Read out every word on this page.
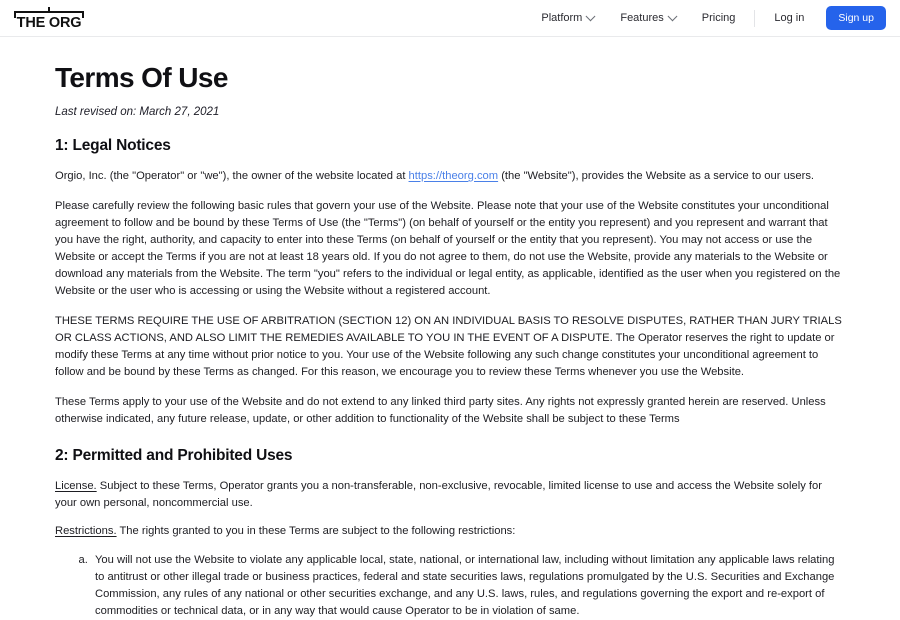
THE ORG	Platform	Features	Pricing	Log in	Sign up
Terms Of Use

Last revised on: March 27, 2021

1: Legal Notices

Orgio, Inc. (the "Operator" or "we"), the owner of the website located at https://theorg.com (the "Website"), provides the Website as a service to our users.

Please carefully review the following basic rules that govern your use of the Website. Please note that your use of the Website constitutes your unconditional agreement to follow and be bound by these Terms of Use (the "Terms") (on behalf of yourself or the entity you represent) and you represent and warrant that you have the right, authority, and capacity to enter into these Terms (on behalf of yourself or the entity that you represent). You may not access or use the Website or accept the Terms if you are not at least 18 years old. If you do not agree to them, do not use the Website, provide any materials to the Website or download any materials from the Website. The term "you" refers to the individual or legal entity, as applicable, identified as the user when you registered on the Website or the user who is accessing or using the Website without a registered account.

THESE TERMS REQUIRE THE USE OF ARBITRATION (SECTION 12) ON AN INDIVIDUAL BASIS TO RESOLVE DISPUTES, RATHER THAN JURY TRIALS OR CLASS ACTIONS, AND ALSO LIMIT THE REMEDIES AVAILABLE TO YOU IN THE EVENT OF A DISPUTE. The Operator reserves the right to update or modify these Terms at any time without prior notice to you. Your use of the Website following any such change constitutes your unconditional agreement to follow and be bound by these Terms as changed. For this reason, we encourage you to review these Terms whenever you use the Website.

These Terms apply to your use of the Website and do not extend to any linked third party sites. Any rights not expressly granted herein are reserved. Unless otherwise indicated, any future release, update, or other addition to functionality of the Website shall be subject to these Terms

2: Permitted and Prohibited Uses

License. Subject to these Terms, Operator grants you a non-transferable, non-exclusive, revocable, limited license to use and access the Website solely for your own personal, noncommercial use.

Restrictions. The rights granted to you in these Terms are subject to the following restrictions:

a. You will not use the Website to violate any applicable local, state, national, or international law, including without limitation any applicable laws relating to antitrust or other illegal trade or business practices, federal and state securities laws, regulations promulgated by the U.S. Securities and Exchange Commission, any rules of any national or other securities exchange, and any U.S. laws, rules, and regulations governing the export and re-export of commodities or technical data, or in any way that would cause Operator to be in violation of same.
